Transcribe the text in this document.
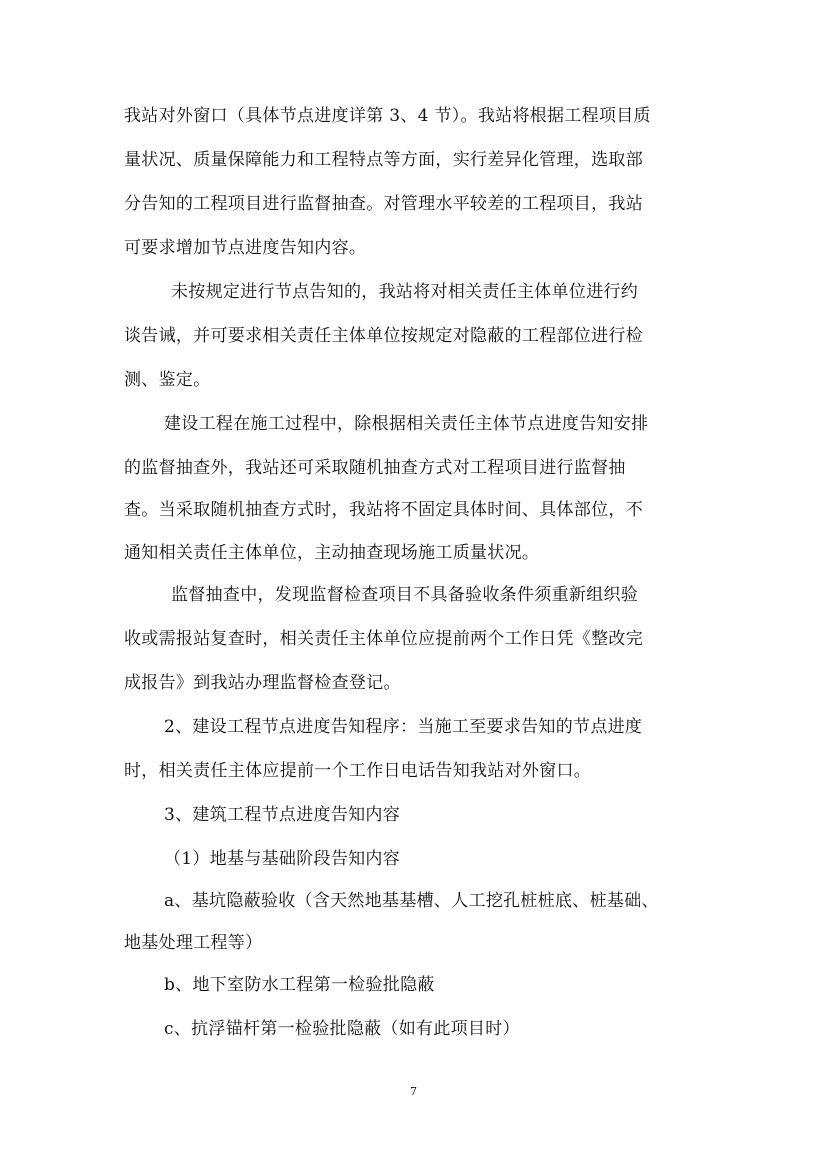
我站对外窗口（具体节点进度详第 3、4 节）。我站将根据工程项目质
量状况、质量保障能力和工程特点等方面，实行差异化管理，选取部
分告知的工程项目进行监督抽查。对管理水平较差的工程项目，我站
可要求增加节点进度告知内容。
未按规定进行节点告知的，我站将对相关责任主体单位进行约
谈告诫，并可要求相关责任主体单位按规定对隐蔽的工程部位进行检
测、鉴定。
建设工程在施工过程中，除根据相关责任主体节点进度告知安排
的监督抽查外，我站还可采取随机抽查方式对工程项目进行监督抽
查。当采取随机抽查方式时，我站将不固定具体时间、具体部位，不
通知相关责任主体单位，主动抽查现场施工质量状况。
监督抽查中，发现监督检查项目不具备验收条件须重新组织验
收或需报站复查时，相关责任主体单位应提前两个工作日凭《整改完
成报告》到我站办理监督检查登记。
2、建设工程节点进度告知程序：当施工至要求告知的节点进度
时，相关责任主体应提前一个工作日电话告知我站对外窗口。
3、建筑工程节点进度告知内容
（1）地基与基础阶段告知内容
a、基坑隐蔽验收（含天然地基基槽、人工挖孔桩桩底、桩基础、
地基处理工程等）
b、地下室防水工程第一检验批隐蔽
c、抗浮锚杆第一检验批隐蔽（如有此项目时）
7
